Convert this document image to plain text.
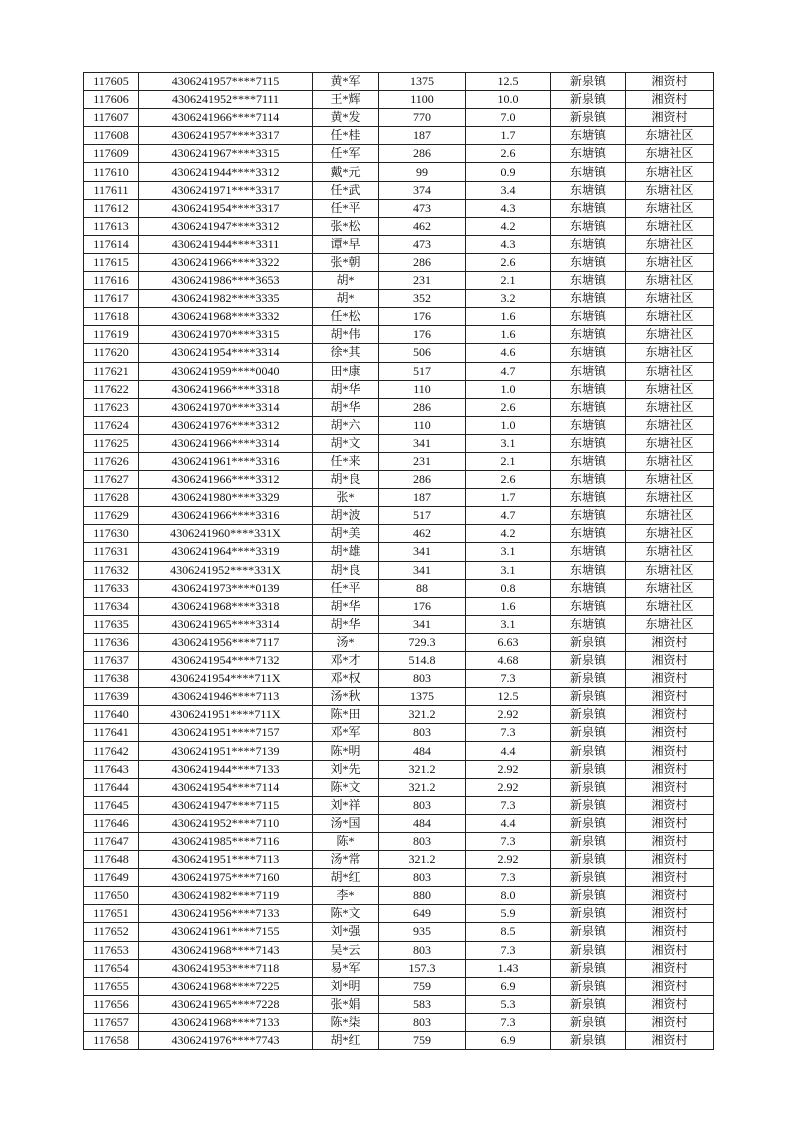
117605	4306241957****7115	黄*军	1375	12.5	新泉镇	湘资村
117606	4306241952****7111	王*辉	1100	10.0	新泉镇	湘资村
117607	4306241966****7114	黄*发	770	7.0	新泉镇	湘资村
117608	4306241957****3317	任*桂	187	1.7	东塘镇	东塘社区
117609	4306241967****3315	任*军	286	2.6	东塘镇	东塘社区
117610	4306241944****3312	戴*元	99	0.9	东塘镇	东塘社区
117611	4306241971****3317	任*武	374	3.4	东塘镇	东塘社区
117612	4306241954****3317	任*平	473	4.3	东塘镇	东塘社区
117613	4306241947****3312	张*松	462	4.2	东塘镇	东塘社区
117614	4306241944****3311	谭*早	473	4.3	东塘镇	东塘社区
117615	4306241966****3322	张*朝	286	2.6	东塘镇	东塘社区
117616	4306241986****3653	胡*	231	2.1	东塘镇	东塘社区
117617	4306241982****3335	胡*	352	3.2	东塘镇	东塘社区
117618	4306241968****3332	任*松	176	1.6	东塘镇	东塘社区
117619	4306241970****3315	胡*伟	176	1.6	东塘镇	东塘社区
117620	4306241954****3314	徐*其	506	4.6	东塘镇	东塘社区
117621	4306241959****0040	田*康	517	4.7	东塘镇	东塘社区
117622	4306241966****3318	胡*华	110	1.0	东塘镇	东塘社区
117623	4306241970****3314	胡*华	286	2.6	东塘镇	东塘社区
117624	4306241976****3312	胡*六	110	1.0	东塘镇	东塘社区
117625	4306241966****3314	胡*文	341	3.1	东塘镇	东塘社区
117626	4306241961****3316	任*来	231	2.1	东塘镇	东塘社区
117627	4306241966****3312	胡*良	286	2.6	东塘镇	东塘社区
117628	4306241980****3329	张*	187	1.7	东塘镇	东塘社区
117629	4306241966****3316	胡*波	517	4.7	东塘镇	东塘社区
117630	4306241960****331X	胡*美	462	4.2	东塘镇	东塘社区
117631	4306241964****3319	胡*雄	341	3.1	东塘镇	东塘社区
117632	4306241952****331X	胡*良	341	3.1	东塘镇	东塘社区
117633	4306241973****0139	任*平	88	0.8	东塘镇	东塘社区
117634	4306241968****3318	胡*华	176	1.6	东塘镇	东塘社区
117635	4306241965****3314	胡*华	341	3.1	东塘镇	东塘社区
117636	4306241956****7117	汤*	729.3	6.63	新泉镇	湘资村
117637	4306241954****7132	邓*才	514.8	4.68	新泉镇	湘资村
117638	4306241954****711X	邓*权	803	7.3	新泉镇	湘资村
117639	4306241946****7113	汤*秋	1375	12.5	新泉镇	湘资村
117640	4306241951****711X	陈*田	321.2	2.92	新泉镇	湘资村
117641	4306241951****7157	邓*军	803	7.3	新泉镇	湘资村
117642	4306241951****7139	陈*明	484	4.4	新泉镇	湘资村
117643	4306241944****7133	刘*先	321.2	2.92	新泉镇	湘资村
117644	4306241954****7114	陈*文	321.2	2.92	新泉镇	湘资村
117645	4306241947****7115	刘*祥	803	7.3	新泉镇	湘资村
117646	4306241952****7110	汤*国	484	4.4	新泉镇	湘资村
117647	4306241985****7116	陈*	803	7.3	新泉镇	湘资村
117648	4306241951****7113	汤*常	321.2	2.92	新泉镇	湘资村
117649	4306241975****7160	胡*红	803	7.3	新泉镇	湘资村
117650	4306241982****7119	李*	880	8.0	新泉镇	湘资村
117651	4306241956****7133	陈*文	649	5.9	新泉镇	湘资村
117652	4306241961****7155	刘*强	935	8.5	新泉镇	湘资村
117653	4306241968****7143	吴*云	803	7.3	新泉镇	湘资村
117654	4306241953****7118	易*军	157.3	1.43	新泉镇	湘资村
117655	4306241968****7225	刘*明	759	6.9	新泉镇	湘资村
117656	4306241965****7228	张*娟	583	5.3	新泉镇	湘资村
117657	4306241968****7133	陈*柒	803	7.3	新泉镇	湘资村
117658	4306241976****7743	胡*红	759	6.9	新泉镇	湘资村
